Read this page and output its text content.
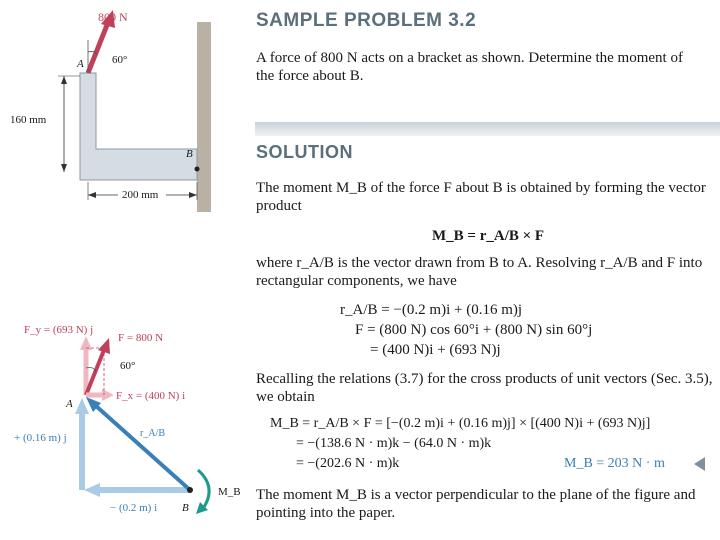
800 N
60°
A
B
160 mm
200 mm
F_y = (693 N) j
F = 800 N
60°
F_x = (400 N) i
A
r_A/B
+ (0.16 m) j
− (0.2 m) i B
M_B
SAMPLE PROBLEM 3.2
A force of 800 N acts on a bracket as shown. Determine the moment of
the force about B.
SOLUTION
The moment M_B of the force F about B is obtained by forming the vector
product
M_B = r_A/B × F
where r_A/B is the vector drawn from B to A. Resolving r_A/B and F into
rectangular components, we have
r_A/B = −(0.2 m)i + (0.16 m)j
F = (800 N) cos 60°i + (800 N) sin 60°j
= (400 N)i + (693 N)j
Recalling the relations (3.7) for the cross products of unit vectors (Sec. 3.5),
we obtain
M_B = r_A/B × F = [−(0.2 m)i + (0.16 m)j] × [(400 N)i + (693 N)j]
= −(138.6 N · m)k − (64.0 N · m)k
= −(202.6 N · m)k	M_B = 203 N · m
The moment M_B is a vector perpendicular to the plane of the figure and
pointing into the paper.
